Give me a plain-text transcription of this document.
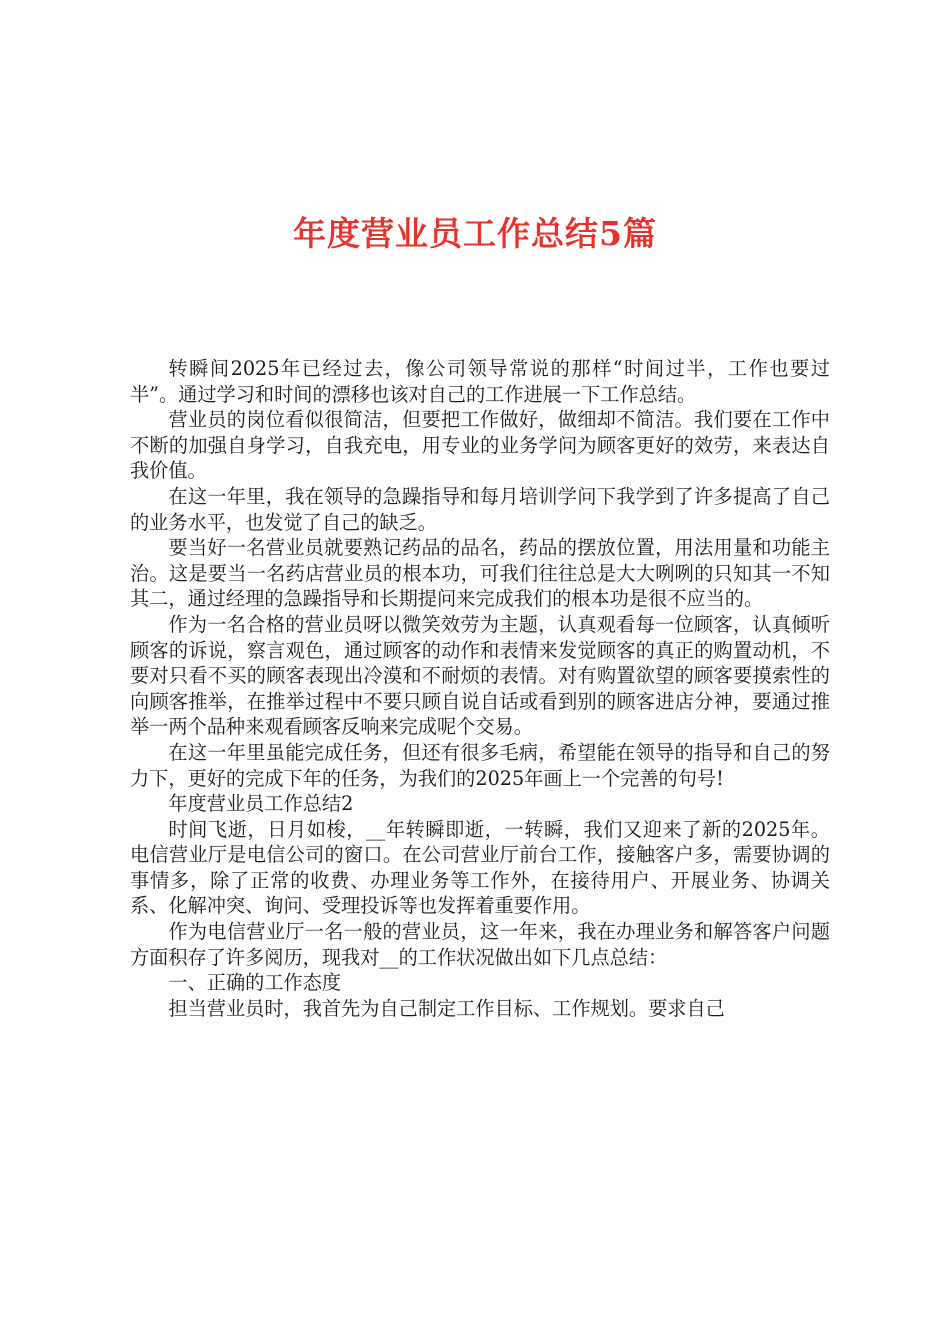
年度营业员工作总结5篇

转瞬间2025年已经过去，像公司领导常说的那样“时间过半，工作也要过半”。通过学习和时间的漂移也该对自己的工作进展一下工作总结。

营业员的岗位看似很简洁，但要把工作做好，做细却不简洁。我们要在工作中不断的加强自身学习，自我充电，用专业的业务学问为顾客更好的效劳，来表达自我价值。

在这一年里，我在领导的急躁指导和每月培训学问下我学到了许多提高了自己的业务水平，也发觉了自己的缺乏。

要当好一名营业员就要熟记药品的品名，药品的摆放位置，用法用量和功能主治。这是要当一名药店营业员的根本功，可我们往往总是大大咧咧的只知其一不知其二，通过经理的急躁指导和长期提问来完成我们的根本功是很不应当的。

作为一名合格的营业员呀以微笑效劳为主题，认真观看每一位顾客，认真倾听顾客的诉说，察言观色，通过顾客的动作和表情来发觉顾客的真正的购置动机，不要对只看不买的顾客表现出冷漠和不耐烦的表情。对有购置欲望的顾客要摸索性的向顾客推举，在推举过程中不要只顾自说自话或看到别的顾客进店分神，要通过推举一两个品种来观看顾客反响来完成呢个交易。

在这一年里虽能完成任务，但还有很多毛病，希望能在领导的指导和自己的努力下，更好的完成下年的任务，为我们的2025年画上一个完善的句号!

年度营业员工作总结2

时间飞逝，日月如梭，__年转瞬即逝，一转瞬，我们又迎来了新的2025年。电信营业厅是电信公司的窗口。在公司营业厅前台工作，接触客户多，需要协调的事情多，除了正常的收费、办理业务等工作外，在接待用户、开展业务、协调关系、化解冲突、询问、受理投诉等也发挥着重要作用。

作为电信营业厅一名一般的营业员，这一年来，我在办理业务和解答客户问题方面积存了许多阅历，现我对__的工作状况做出如下几点总结：

一、正确的工作态度

担当营业员时，我首先为自己制定工作目标、工作规划。要求自己
